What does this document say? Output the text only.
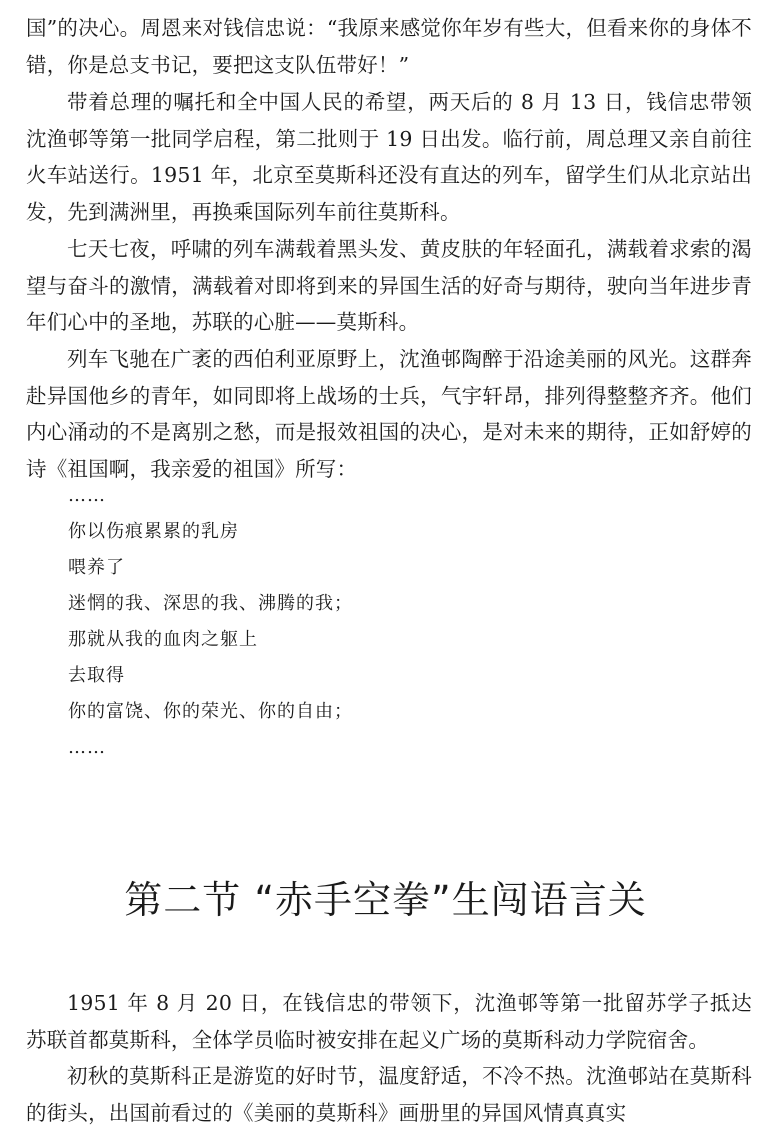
国”的决心。周恩来对钱信忠说：“我原来感觉你年岁有些大，但看来你的身体不错，你是总支书记，要把这支队伍带好！”

带着总理的嘱托和全中国人民的希望，两天后的 8 月 13 日，钱信忠带领沈渔邨等第一批同学启程，第二批则于 19 日出发。临行前，周总理又亲自前往火车站送行。1951 年，北京至莫斯科还没有直达的列车，留学生们从北京站出发，先到满洲里，再换乘国际列车前往莫斯科。

七天七夜，呼啸的列车满载着黑头发、黄皮肤的年轻面孔，满载着求索的渴望与奋斗的激情，满载着对即将到来的异国生活的好奇与期待，驶向当年进步青年们心中的圣地，苏联的心脏——莫斯科。

列车飞驰在广袤的西伯利亚原野上，沈渔邨陶醉于沿途美丽的风光。这群奔赴异国他乡的青年，如同即将上战场的士兵，气宇轩昂，排列得整整齐齐。他们内心涌动的不是离别之愁，而是报效祖国的决心，是对未来的期待，正如舒婷的诗《祖国啊，我亲爱的祖国》所写：

……
你以伤痕累累的乳房
喂养了
迷惘的我、深思的我、沸腾的我；
那就从我的血肉之躯上
去取得
你的富饶、你的荣光、你的自由；
……
第二节 “赤手空拳”生闯语言关

1951 年 8 月 20 日，在钱信忠的带领下，沈渔邨等第一批留苏学子抵达苏联首都莫斯科，全体学员临时被安排在起义广场的莫斯科动力学院宿舍。

初秋的莫斯科正是游览的好时节，温度舒适，不冷不热。沈渔邨站在莫斯科的街头，出国前看过的《美丽的莫斯科》画册里的异国风情真真实
